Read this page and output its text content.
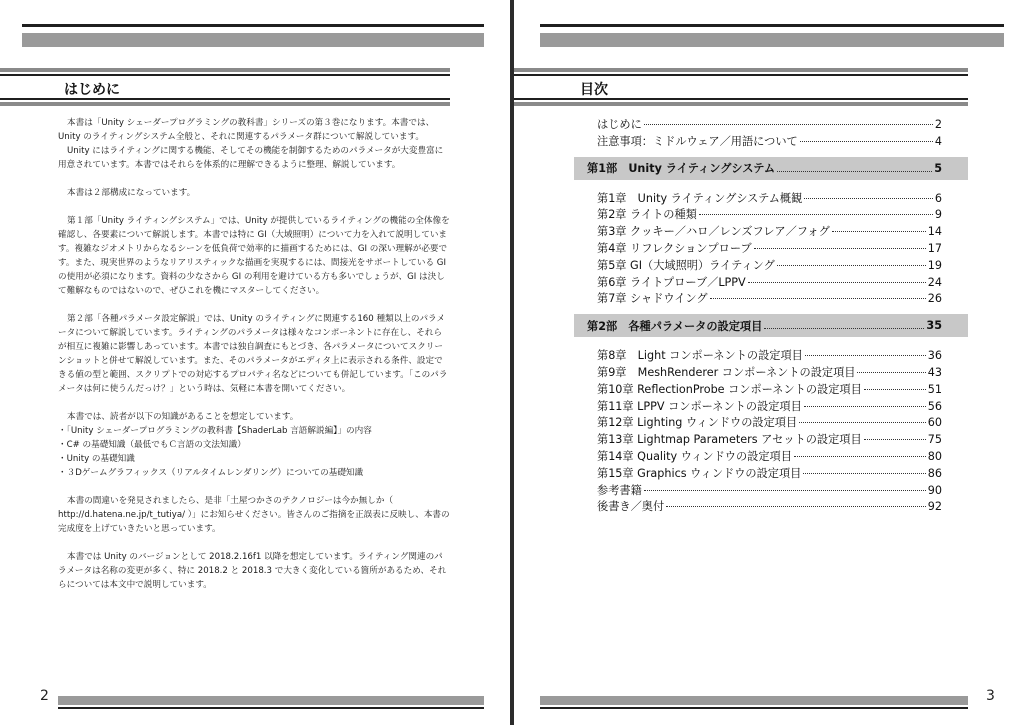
はじめに

本書は「Unity シェーダープログラミングの教科書」シリーズの第３巻になります。本書では、Unity のライティングシステム全般と、それに関連するパラメータ群について解説しています。

Unity にはライティングに関する機能、そしてその機能を制御するためのパラメータが大変豊富に用意されています。本書ではそれらを体系的に理解できるように整理、解説しています。

本書は２部構成になっています。

第１部「Unity ライティングシステム」では、Unity が提供しているライティングの機能の全体像を確認し、各要素について解説します。本書では特に GI（大域照明）について力を入れて説明しています。複雑なジオメトリからなるシーンを低負荷で効率的に描画するためには、GI の深い理解が必要です。また、現実世界のようなリアリスティックな描画を実現するには、間接光をサポートしている GI の使用が必須になります。資料の少なさから GI の利用を避けている方も多いでしょうが、GI は決して難解なものではないので、ぜひこれを機にマスターしてください。

第２部「各種パラメータ設定解説」では、Unity のライティングに関連する160 種類以上のパラメータについて解説しています。ライティングのパラメータは様々なコンポーネントに存在し、それらが相互に複雑に影響しあっています。本書では独自調査にもとづき、各パラメータについてスクリーンショットと併せて解説しています。また、そのパラメータがエディタ上に表示される条件、設定できる値の型と範囲、スクリプトでの対応するプロパティ名などについても併記しています。「このパラメータは何に使うんだっけ？」という時は、気軽に本書を開いてください。

本書では、読者が以下の知識があることを想定しています。

・「Unity シェーダープログラミングの教科書【ShaderLab 言語解説編】」の内容
・C# の基礎知識（最低でもＣ言語の文法知識）
・Unity の基礎知識
・３Dゲームグラフィックス（リアルタイムレンダリング）についての基礎知識

本書の間違いを発見されましたら、是非「土屋つかさのテクノロジーは今か無しか（ http://d.hatena.ne.jp/t_tutiya/ ）」にお知らせください。皆さんのご指摘を正誤表に反映し、本書の完成度を上げていきたいと思っています。

本書では Unity のバージョンとして 2018.2.16f1 以降を想定しています。ライティング関連のパラメータは名称の変更が多く、特に 2018.2 と 2018.3 で大きく変化している箇所があるため、それらについては本文中で説明しています。

2
目次
3
はじめに	2
注意事項：ミドルウェア／用語について	4
第1部　Unity ライティングシステム	5
第1章　Unity ライティングシステム概観	6
第2章 ライトの種類	9
第3章 クッキー／ハロ／レンズフレア／フォグ	14
第4章 リフレクションプローブ	17
第5章 GI（大域照明）ライティング	19
第6章 ライトプローブ／LPPV	24
第7章 シャドウイング	26
第2部　各種パラメータの設定項目	35
第8章　Light コンポーネントの設定項目	36
第9章　MeshRenderer コンポーネントの設定項目	43
第10章 ReflectionProbe コンポーネントの設定項目	51
第11章 LPPV コンポーネントの設定項目	56
第12章 Lighting ウィンドウの設定項目	60
第13章 Lightmap Parameters アセットの設定項目	75
第14章 Quality ウィンドウの設定項目	80
第15章 Graphics ウィンドウの設定項目	86
参考書籍	90
後書き／奥付	92
